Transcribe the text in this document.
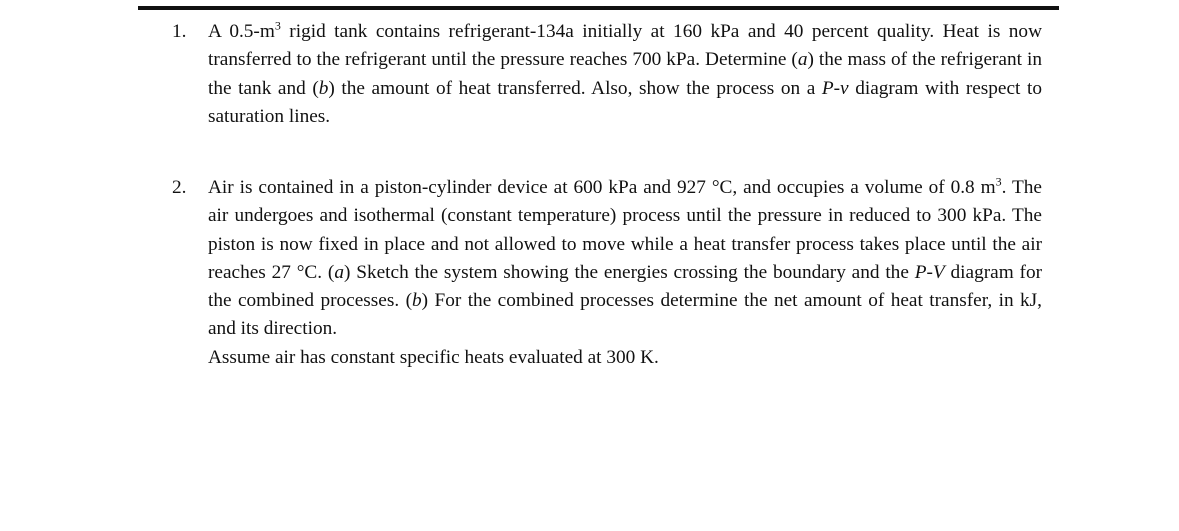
1.	A $0.5-m^3$ rigid tank contains refrigerant-134a initially at 160 kPa and 40 percent quality. Heat is now transferred to the refrigerant until the pressure reaches 700 kPa. Determine (a) the mass of the refrigerant in the tank and (b) the amount of heat transferred. Also, show the process on a P-v diagram with respect to saturation lines.

2.	Air is contained in a piston-cylinder device at 600 kPa and 927 °C, and occupies a volume of 0.8 $m^3$. The air undergoes and isothermal (constant temperature) process until the pressure in reduced to 300 kPa. The piston is now fixed in place and not allowed to move while a heat transfer process takes place until the air reaches 27 °C. (a) Sketch the system showing the energies crossing the boundary and the P-V diagram for the combined processes. (b) For the combined processes determine the net amount of heat transfer, in kJ, and its direction.

Assume air has constant specific heats evaluated at 300 K.
